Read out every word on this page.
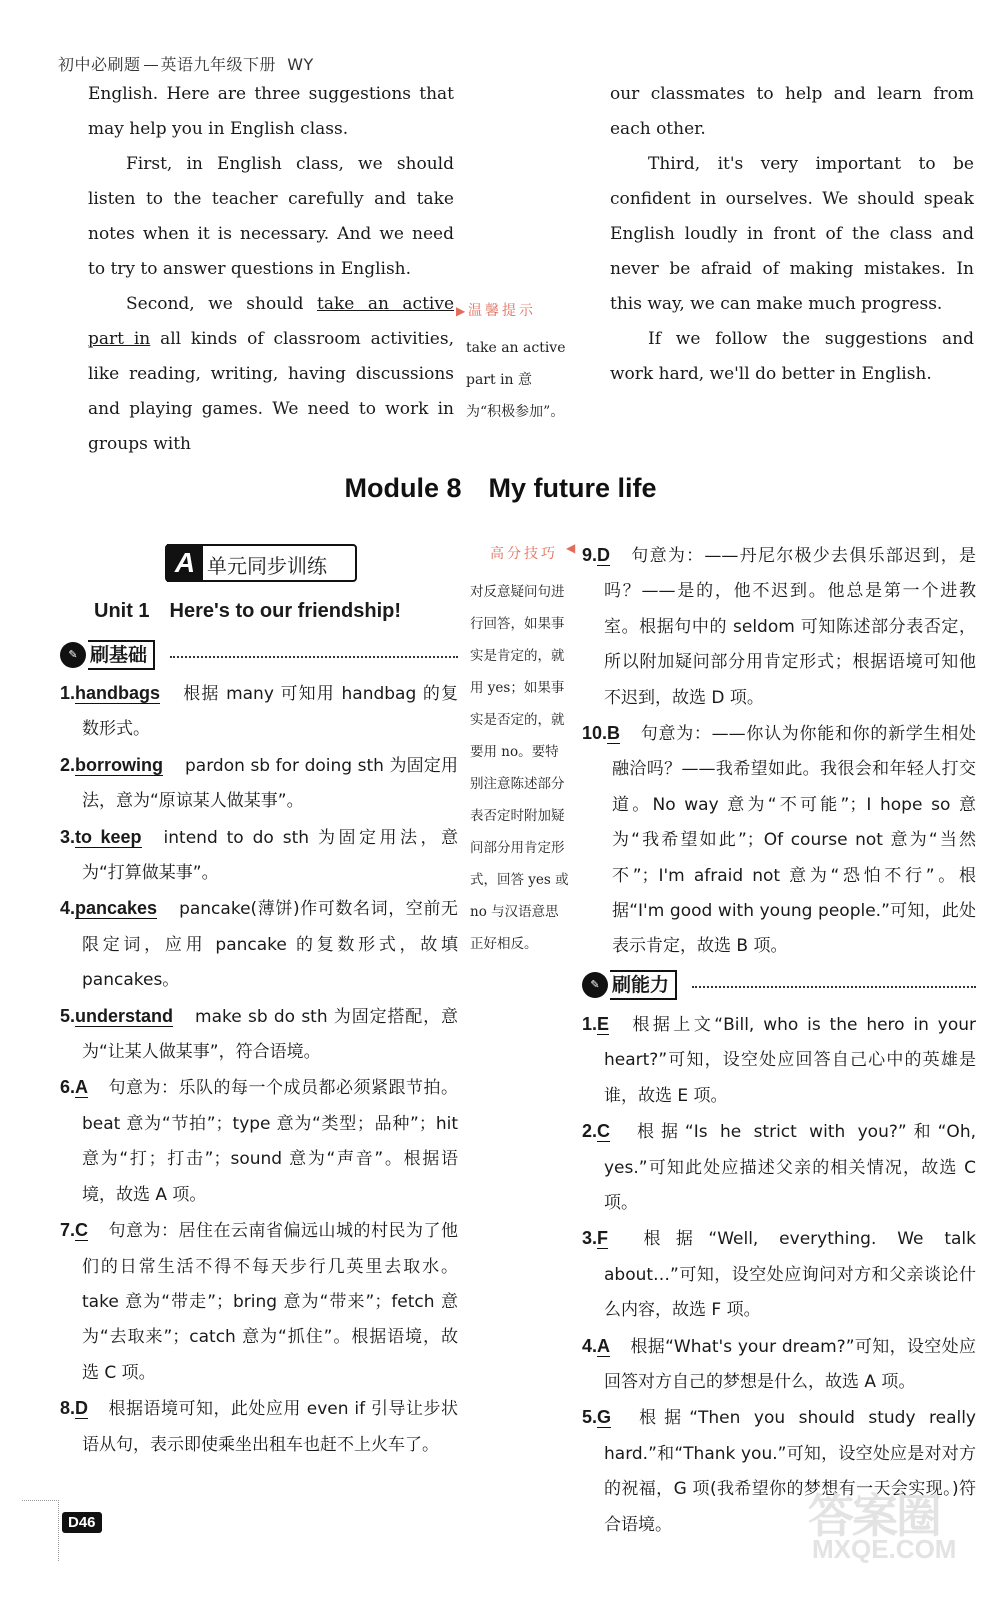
初中必刷题 英语九年级下册 WY
English. Here are three suggestions that may help you in English class.
First, in English class, we should listen to the teacher carefully and take notes when it is necessary. And we need to try to answer questions in English.
Second, we should take an active part in all kinds of classroom activities, like reading, writing, having discussions and playing games. We need to work in groups with
▶ 温馨提示
take an active part in 意为“积极参加”。
our classmates to help and learn from each other.
Third, it's very important to be confident in ourselves. We should speak English loudly in front of the class and never be afraid of making mistakes. In this way, we can make much progress.
If we follow the suggestions and work hard, we'll do better in English.
Module 8　My future life
A 单元同步训练
Unit 1　Here's to our friendship!
✎ 刷基础
1.handbags 根据 many 可知用 handbag 的复数形式。
2.borrowing pardon sb for doing sth 为固定用法，意为“原谅某人做某事”。
3.to keep intend to do sth 为固定用法，意为“打算做某事”。
4.pancakes pancake(薄饼)作可数名词，空前无限定词，应用 pancake 的复数形式，故填 pancakes。
5.understand make sb do sth 为固定搭配，意为“让某人做某事”，符合语境。
6.A 句意为：乐队的每一个成员都必须紧跟节拍。beat 意为“节拍”；type 意为“类型；品种”；hit 意为“打；打击”；sound 意为“声音”。根据语境，故选 A 项。
7.C 句意为：居住在云南省偏远山城的村民为了他们的日常生活不得不每天步行几英里去取水。take 意为“带走”；bring 意为“带来”；fetch 意为“去取来”；catch 意为“抓住”。根据语境，故选 C 项。
8.D 根据语境可知，此处应用 even if 引导让步状语从句，表示即使乘坐出租车也赶不上火车了。
高分技巧 ◀
对反意疑问句进行回答，如果事实是肯定的，就用 yes；如果事实是否定的，就要用 no。要特别注意陈述部分表否定时附加疑问部分用肯定形式，回答 yes 或 no 与汉语意思正好相反。
9.D 句意为：——丹尼尔极少去俱乐部迟到，是吗？——是的，他不迟到。他总是第一个进教室。根据句中的 seldom 可知陈述部分表否定，所以附加疑问部分用肯定形式；根据语境可知他不迟到，故选 D 项。
10.B 句意为：——你认为你能和你的新学生相处融洽吗？——我希望如此。我很会和年轻人打交道。No way 意为“不可能”；I hope so 意为“我希望如此”；Of course not 意为“当然不”；I'm afraid not 意为“恐怕不行”。根据“I'm good with young people.”可知，此处表示肯定，故选 B 项。
✎ 刷能力
1.E 根据上文“Bill, who is the hero in your heart?”可知，设空处应回答自己心中的英雄是谁，故选 E 项。
2.C 根据“Is he strict with you?”和“Oh, yes.”可知此处应描述父亲的相关情况，故选 C 项。
3.F 根据“Well, everything. We talk about…”可知，设空处应询问对方和父亲谈论什么内容，故选 F 项。
4.A 根据“What's your dream?”可知，设空处应回答对方自己的梦想是什么，故选 A 项。
5.G 根据“Then you should study really hard.”和“Thank you.”可知，设空处应是对对方的祝福，G 项(我希望你的梦想有一天会实现。)符合语境。
D46	答案圈
MXQE.COM
